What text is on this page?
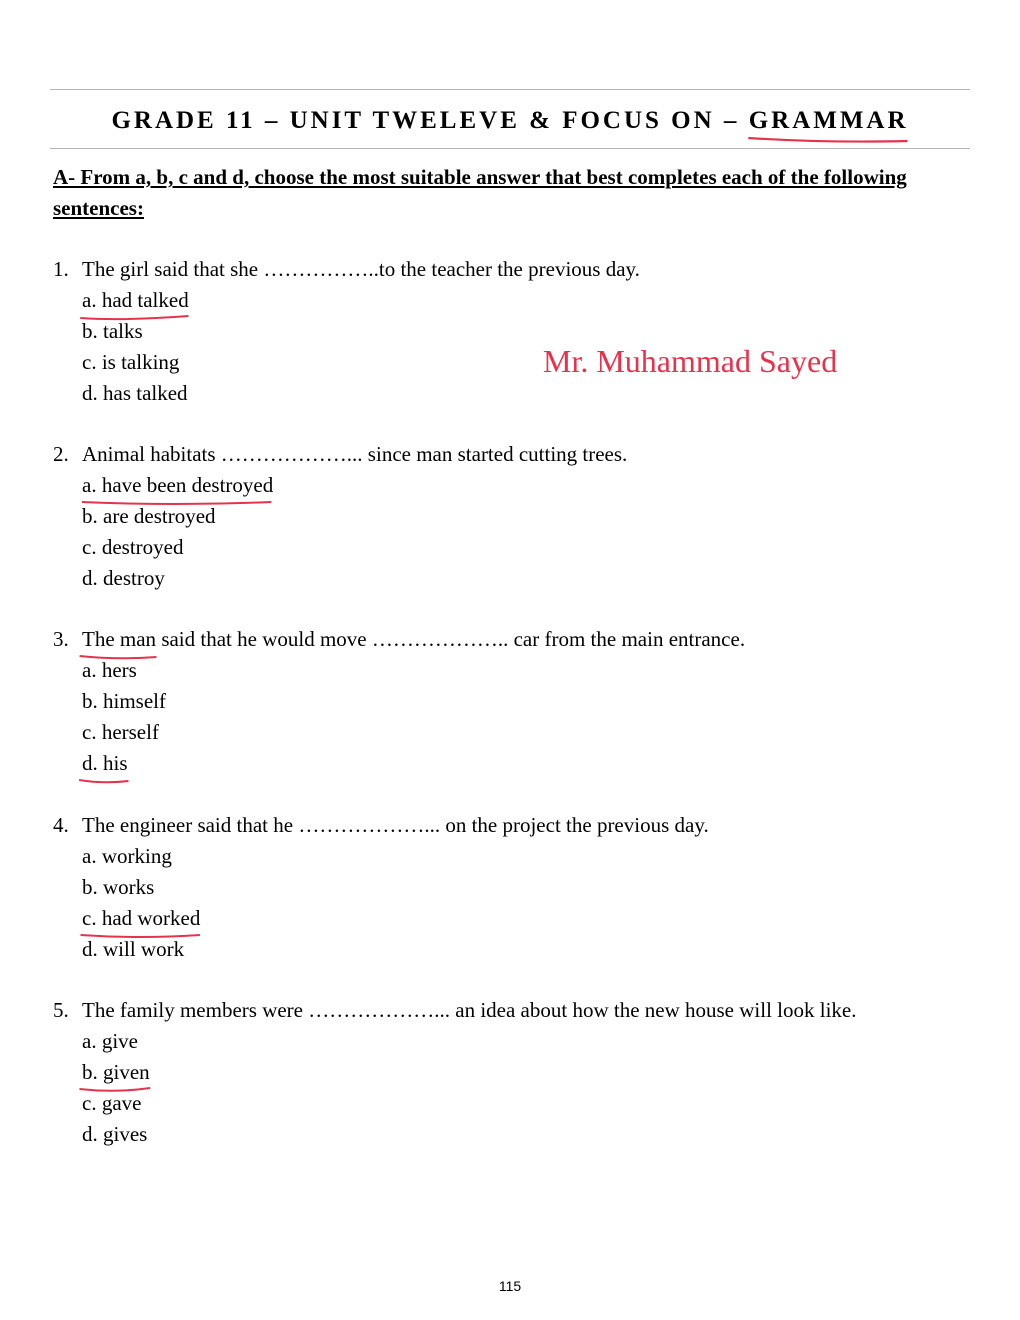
GRADE 11 – UNIT TWELEVE & FOCUS ON – GRAMMAR
A- From a, b, c and d, choose the most suitable answer that best completes each of the following sentences:
Mr. Muhammad Sayed
1. The girl said that she ……………..to the teacher the previous day.
a. had talked
b. talks
c. is talking
d. has talked
2. Animal habitats ………………... since man started cutting trees.
a. have been destroyed
b. are destroyed
c. destroyed
d. destroy
3. The man
said that he would move ……………….. car from the main entrance.
a. hers
b. himself
c. herself
d. his
4. The engineer said that he ………………... on the project the previous day.
a. working
b. works
c. had worked
d. will work
5. The family members were ………………... an idea about how the new house will look like.
a. give
b. given
c. gave
d. gives
115
